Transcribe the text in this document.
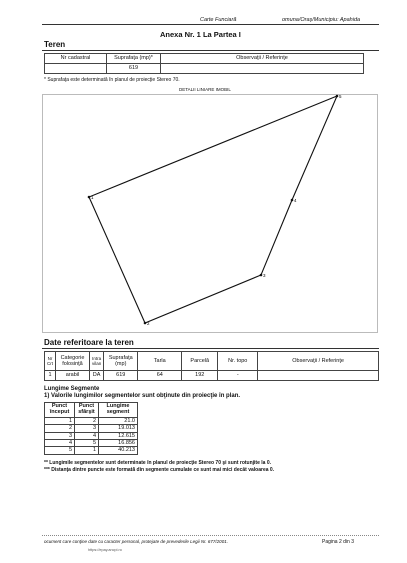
Carte Funciară	omuna/Oraş/Municipiu: Apahida
Anexa Nr. 1 La Partea I
Teren
Nr cadastral	Suprafaţa (mp)*	Observaţii / Referinţe
	619	
* Suprafaţa este determinată în planul de proiecţie Stereo 70.
DETALII LINIARE IMOBIL
1
2
3
4
5
Date referitoare la teren
Nr Crt	Categorie folosinţă	Intra vilan	Suprafaţa (mp)	Tarla	Parcelă	Nr. topo	Observaţii / Referinţe
1	arabil	DA	619	64	192	-	
Lungime Segmente
1) Valorile lungimilor segmentelor sunt obţinute din proiecţie în plan.
Punct început	Punct sfârşit	Lungime segment
1	2	21.0
2	3	19.013
3	4	12.615
4	5	16.856
5	1	40.213
** Lungimile segmentelor sunt determinate în planul de proiecţie Stereo 70 şi sunt rotunjite la 0.
*** Distanţa dintre puncte este formată din segmente cumulate ce sunt mai mici decât valoarea 0.
ocument care conţine date cu caracter personal, protejate de prevederile Legii Nr. 677/2001.	Pagina 2 din 3
https://epay.ancpi.ro
